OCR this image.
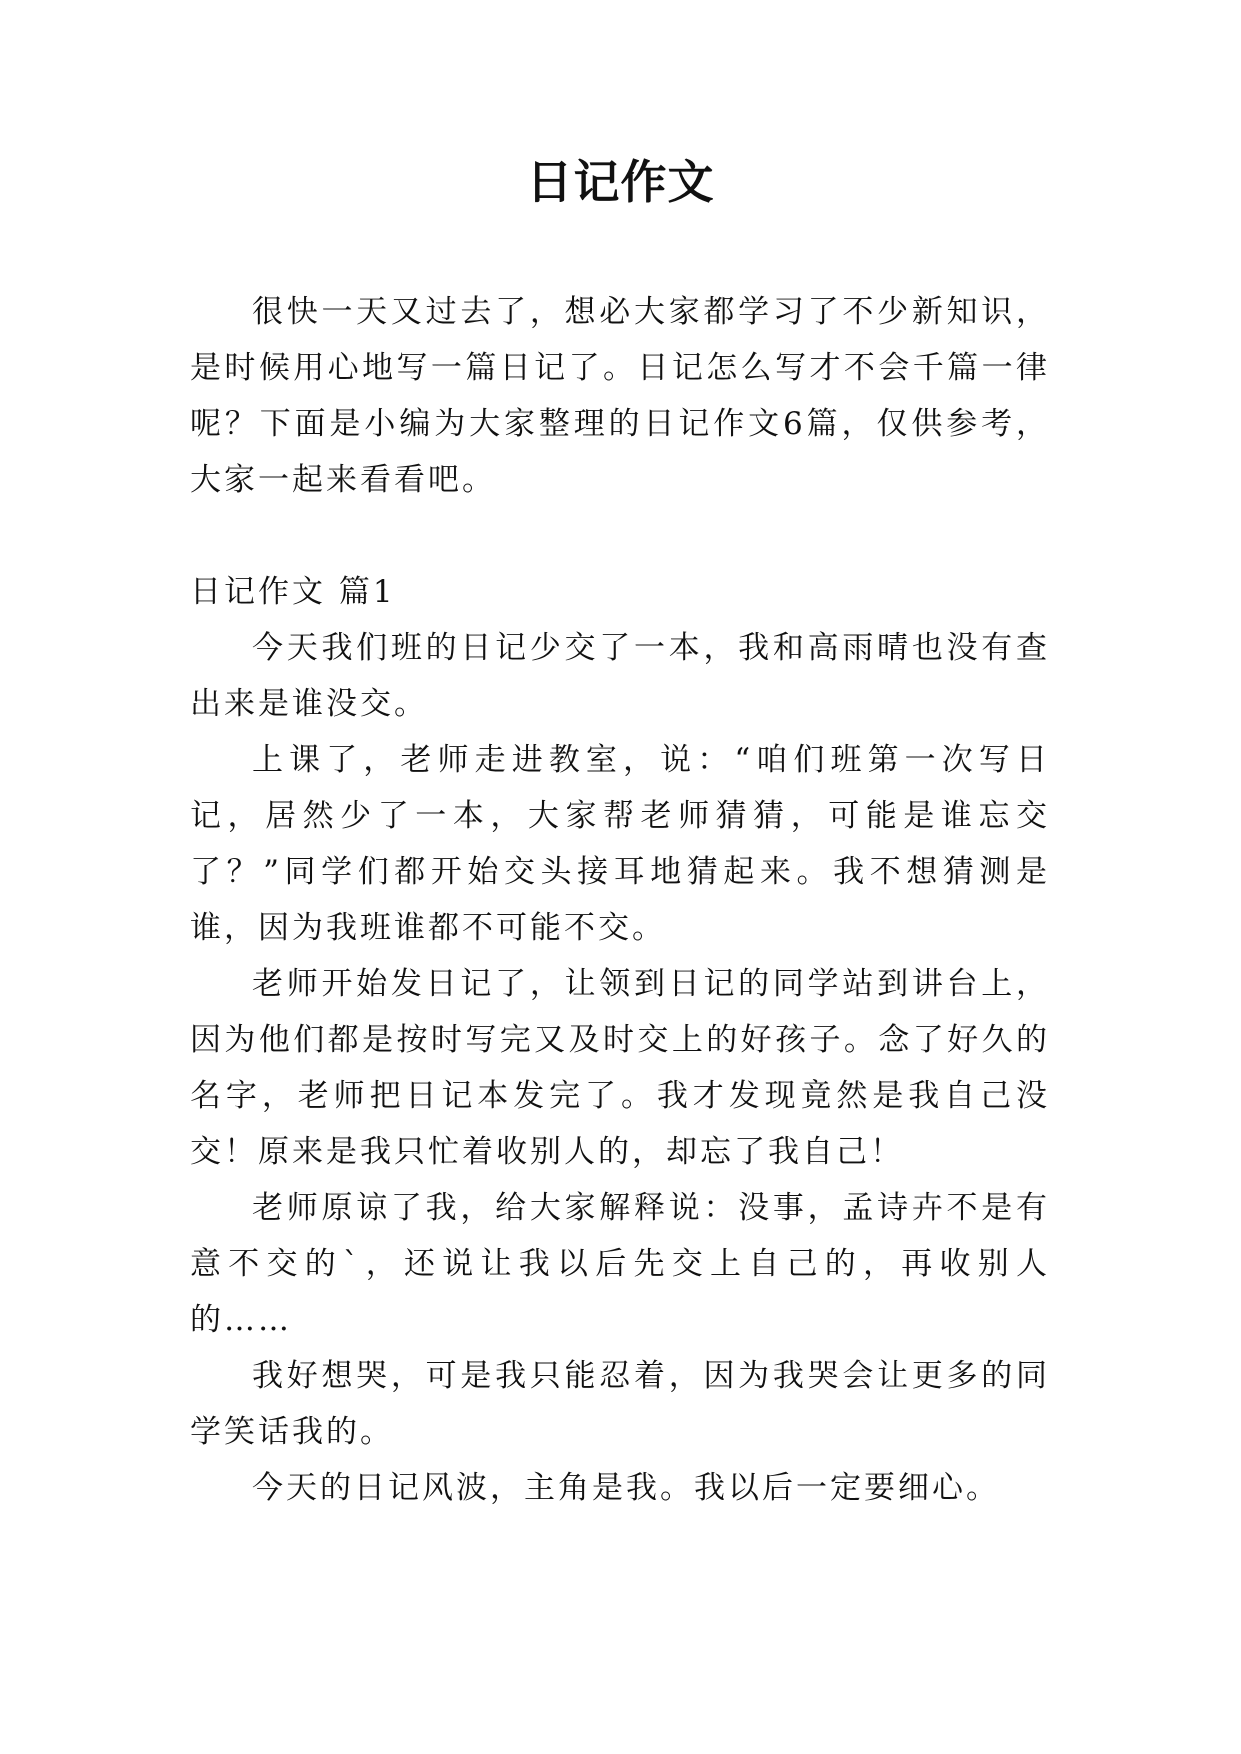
日记作文

很快一天又过去了，想必大家都学习了不少新知识，是时候用心地写一篇日记了。日记怎么写才不会千篇一律呢？下面是小编为大家整理的日记作文6篇，仅供参考，大家一起来看看吧。

日记作文 篇1

今天我们班的日记少交了一本，我和高雨晴也没有查出来是谁没交。

上课了，老师走进教室，说：“咱们班第一次写日记，居然少了一本，大家帮老师猜猜，可能是谁忘交了？”同学们都开始交头接耳地猜起来。我不想猜测是谁，因为我班谁都不可能不交。

老师开始发日记了，让领到日记的同学站到讲台上，因为他们都是按时写完又及时交上的好孩子。念了好久的名字，老师把日记本发完了。我才发现竟然是我自己没交！原来是我只忙着收别人的，却忘了我自己！

老师原谅了我，给大家解释说：没事，孟诗卉不是有意不交的`，还说让我以后先交上自己的，再收别人的……

我好想哭，可是我只能忍着，因为我哭会让更多的同学笑话我的。

今天的日记风波，主角是我。我以后一定要细心。
